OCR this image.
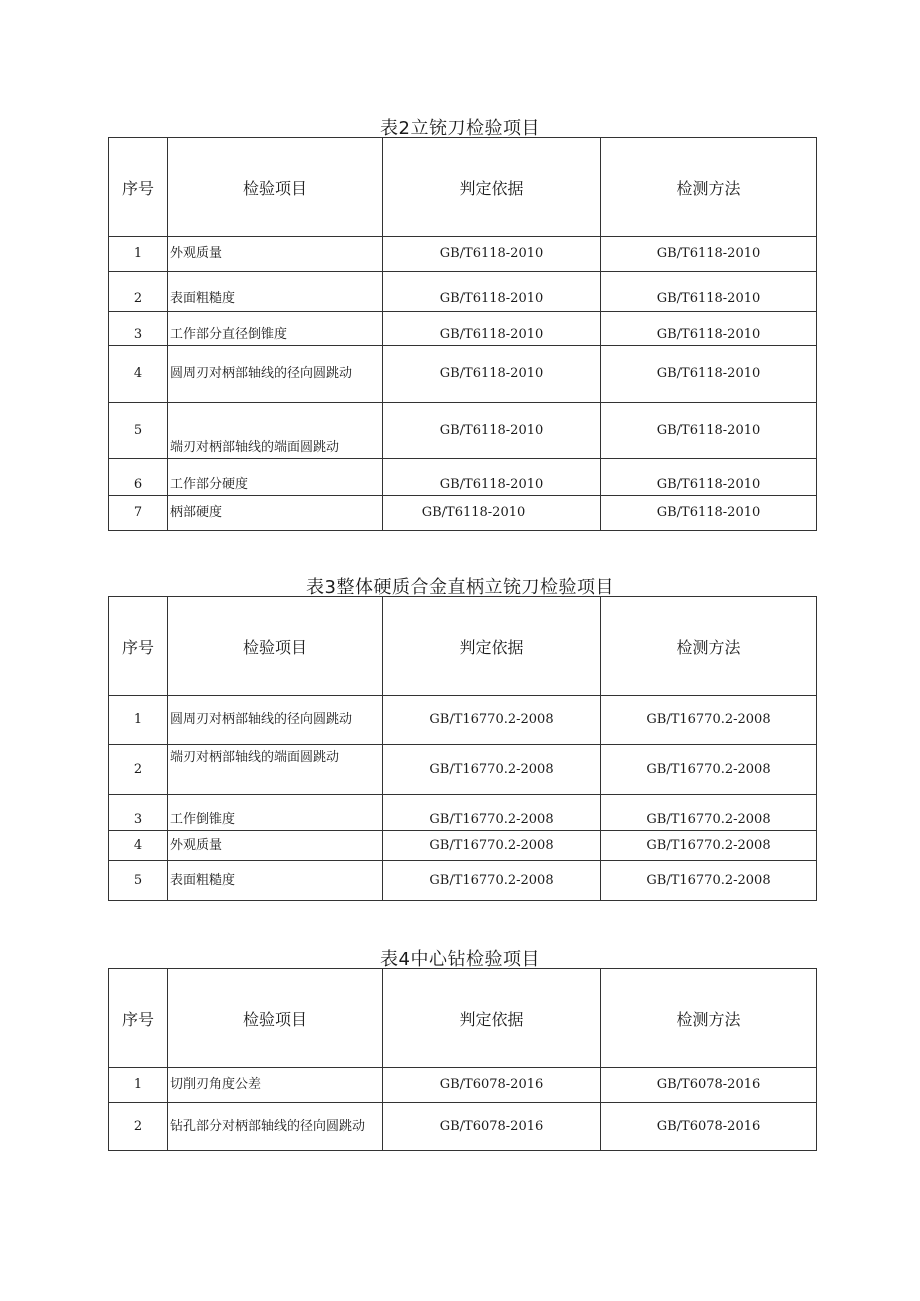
表2立铳刀检验项目
序号	检验项目	判定依据	检测方法
1	外观质量	GB/T6118-2010	GB/T6118-2010
2	表面粗糙度	GB/T6118-2010	GB/T6118-2010
3	工作部分直径倒锥度	GB/T6118-2010	GB/T6118-2010
4	圆周刃对柄部轴线的径向圆跳动	GB/T6118-2010	GB/T6118-2010
5	端刃对柄部轴线的端面圆跳动	GB/T6118-2010	GB/T6118-2010
6	工作部分硬度	GB/T6118-2010	GB/T6118-2010
7	柄部硬度	GB/T6118-2010	GB/T6118-2010
表3整体硬质合金直柄立铳刀检验项目
序号	检验项目	判定依据	检测方法
1	圆周刃对柄部轴线的径向圆跳动	GB/T16770.2-2008	GB/T16770.2-2008
2	端刃对柄部轴线的端面圆跳动	GB/T16770.2-2008	GB/T16770.2-2008
3	工作倒锥度	GB/T16770.2-2008	GB/T16770.2-2008
4	外观质量	GB/T16770.2-2008	GB/T16770.2-2008
5	表面粗糙度	GB/T16770.2-2008	GB/T16770.2-2008
表4中心钻检验项目
序号	检验项目	判定依据	检测方法
1	切削刃角度公差	GB/T6078-2016	GB/T6078-2016
2	钻孔部分对柄部轴线的径向圆跳动	GB/T6078-2016	GB/T6078-2016
